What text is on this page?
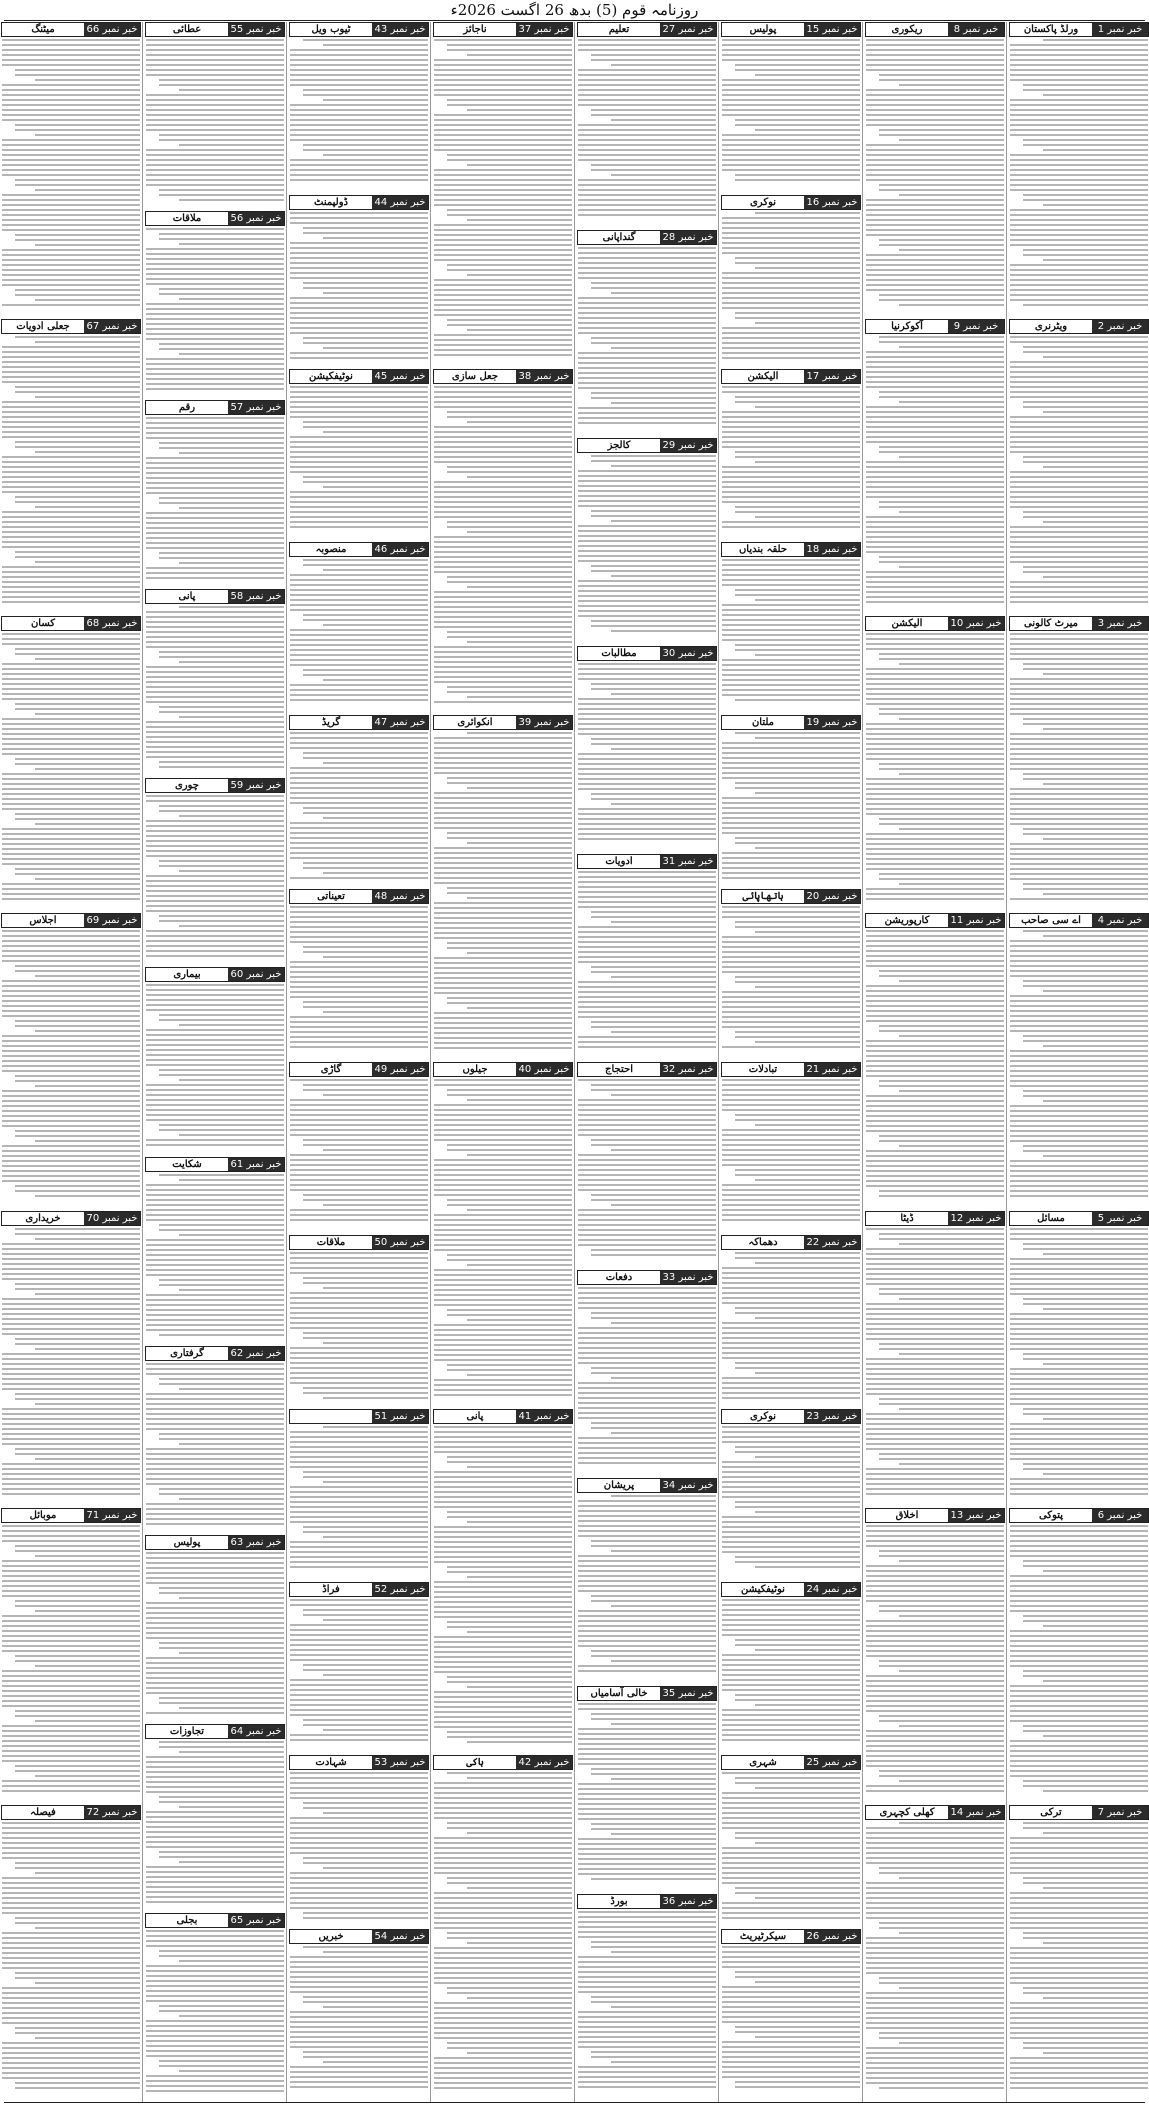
روزنامہ قوم (5) بدھ 26 اگست 2026ء
خبر نمبر 1
ورلڈ پاکستان
خبر نمبر 2
ویٹرنری
خبر نمبر 3
میرٹ کالونی
خبر نمبر 4
اے سی صاحب
خبر نمبر 5
مسائل
خبر نمبر 6
پتوکی
خبر نمبر 7
ترکی
خبر نمبر 8
ریکوری
خبر نمبر 9
آکوکرنیا
خبر نمبر 10
الیکشن
خبر نمبر 11
کارپوریشن
خبر نمبر 12
ڈیٹا
خبر نمبر 13
اخلاق
خبر نمبر 14
کھلی کچہری
خبر نمبر 15
پولیس
خبر نمبر 16
نوکری
خبر نمبر 17
الیکشن
خبر نمبر 18
حلقہ بندیاں
خبر نمبر 19
ملتان
خبر نمبر 20
ہاتھاپائی
خبر نمبر 21
تبادلات
خبر نمبر 22
دھماکہ
خبر نمبر 23
نوکری
خبر نمبر 24
نوٹیفکیشن
خبر نمبر 25
شہری
خبر نمبر 26
سیکرٹیریٹ
خبر نمبر 27
تعلیم
خبر نمبر 28
گنداپانی
خبر نمبر 29
کالجز
خبر نمبر 30
مطالبات
خبر نمبر 31
ادویات
خبر نمبر 32
احتجاج
خبر نمبر 33
دفعات
خبر نمبر 34
پریشان
خبر نمبر 35
خالی آسامیاں
خبر نمبر 36
بورڈ
خبر نمبر 37
ناجائز
خبر نمبر 38
جعل سازی
خبر نمبر 39
انکوائری
خبر نمبر 40
جیلوں
خبر نمبر 41
پانی
خبر نمبر 42
ہاکی
خبر نمبر 43
ٹیوب ویل
خبر نمبر 44
ڈولپمنٹ
خبر نمبر 45
نوٹیفکیشن
خبر نمبر 46
منصوبہ
خبر نمبر 47
گریڈ
خبر نمبر 48
تعیناتی
خبر نمبر 49
گاڑی
خبر نمبر 50
ملاقات
خبر نمبر 51
خبر نمبر 52
فراڈ
خبر نمبر 53
شہادت
خبر نمبر 54
خبریں
خبر نمبر 55
عطائی
خبر نمبر 56
ملاقات
خبر نمبر 57
رقم
خبر نمبر 58
پانی
خبر نمبر 59
چوری
خبر نمبر 60
بیماری
خبر نمبر 61
شکایت
خبر نمبر 62
گرفتاری
خبر نمبر 63
پولیس
خبر نمبر 64
تجاوزات
خبر نمبر 65
بجلی
خبر نمبر 66
میٹنگ
خبر نمبر 67
جعلی ادویات
خبر نمبر 68
کسان
خبر نمبر 69
اجلاس
خبر نمبر 70
خریداری
خبر نمبر 71
موبائل
خبر نمبر 72
فیصلہ
